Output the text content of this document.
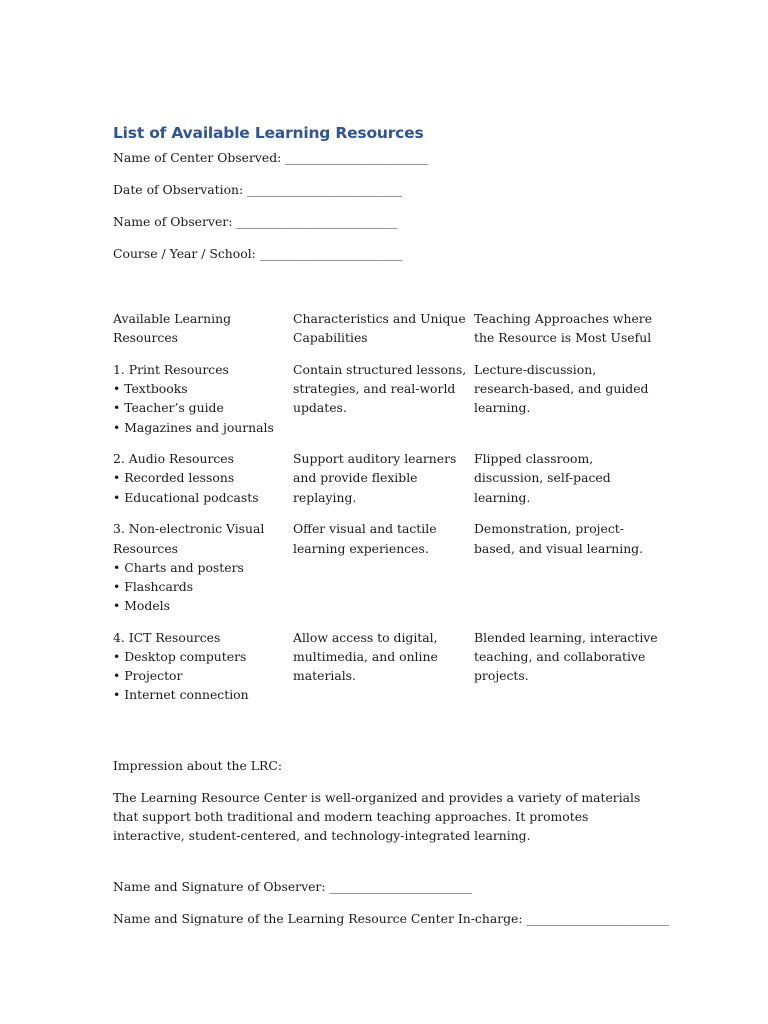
List of Available Learning Resources
Name of Center Observed: _______________________
Date of Observation: _________________________
Name of Observer: __________________________
Course / Year / School: _______________________
Available Learning Resources
Characteristics and Unique Capabilities
Teaching Approaches where the Resource is Most Useful
1. Print Resources
• Textbooks
• Teacher’s guide
• Magazines and journals
Contain structured lessons, strategies, and real-world updates.
Lecture-discussion, research-based, and guided learning.
2. Audio Resources
• Recorded lessons
• Educational podcasts
Support auditory learners and provide flexible replaying.
Flipped classroom, discussion, self-paced learning.
3. Non-electronic Visual Resources
• Charts and posters
• Flashcards
• Models
Offer visual and tactile learning experiences.
Demonstration, project-based, and visual learning.
4. ICT Resources
• Desktop computers
• Projector
• Internet connection
Allow access to digital, multimedia, and online materials.
Blended learning, interactive teaching, and collaborative projects.
Impression about the LRC:
The Learning Resource Center is well-organized and provides a variety of materials that support both traditional and modern teaching approaches. It promotes interactive, student-centered, and technology-integrated learning.
Name and Signature of Observer: _______________________
Name and Signature of the Learning Resource Center In-charge: _______________________
